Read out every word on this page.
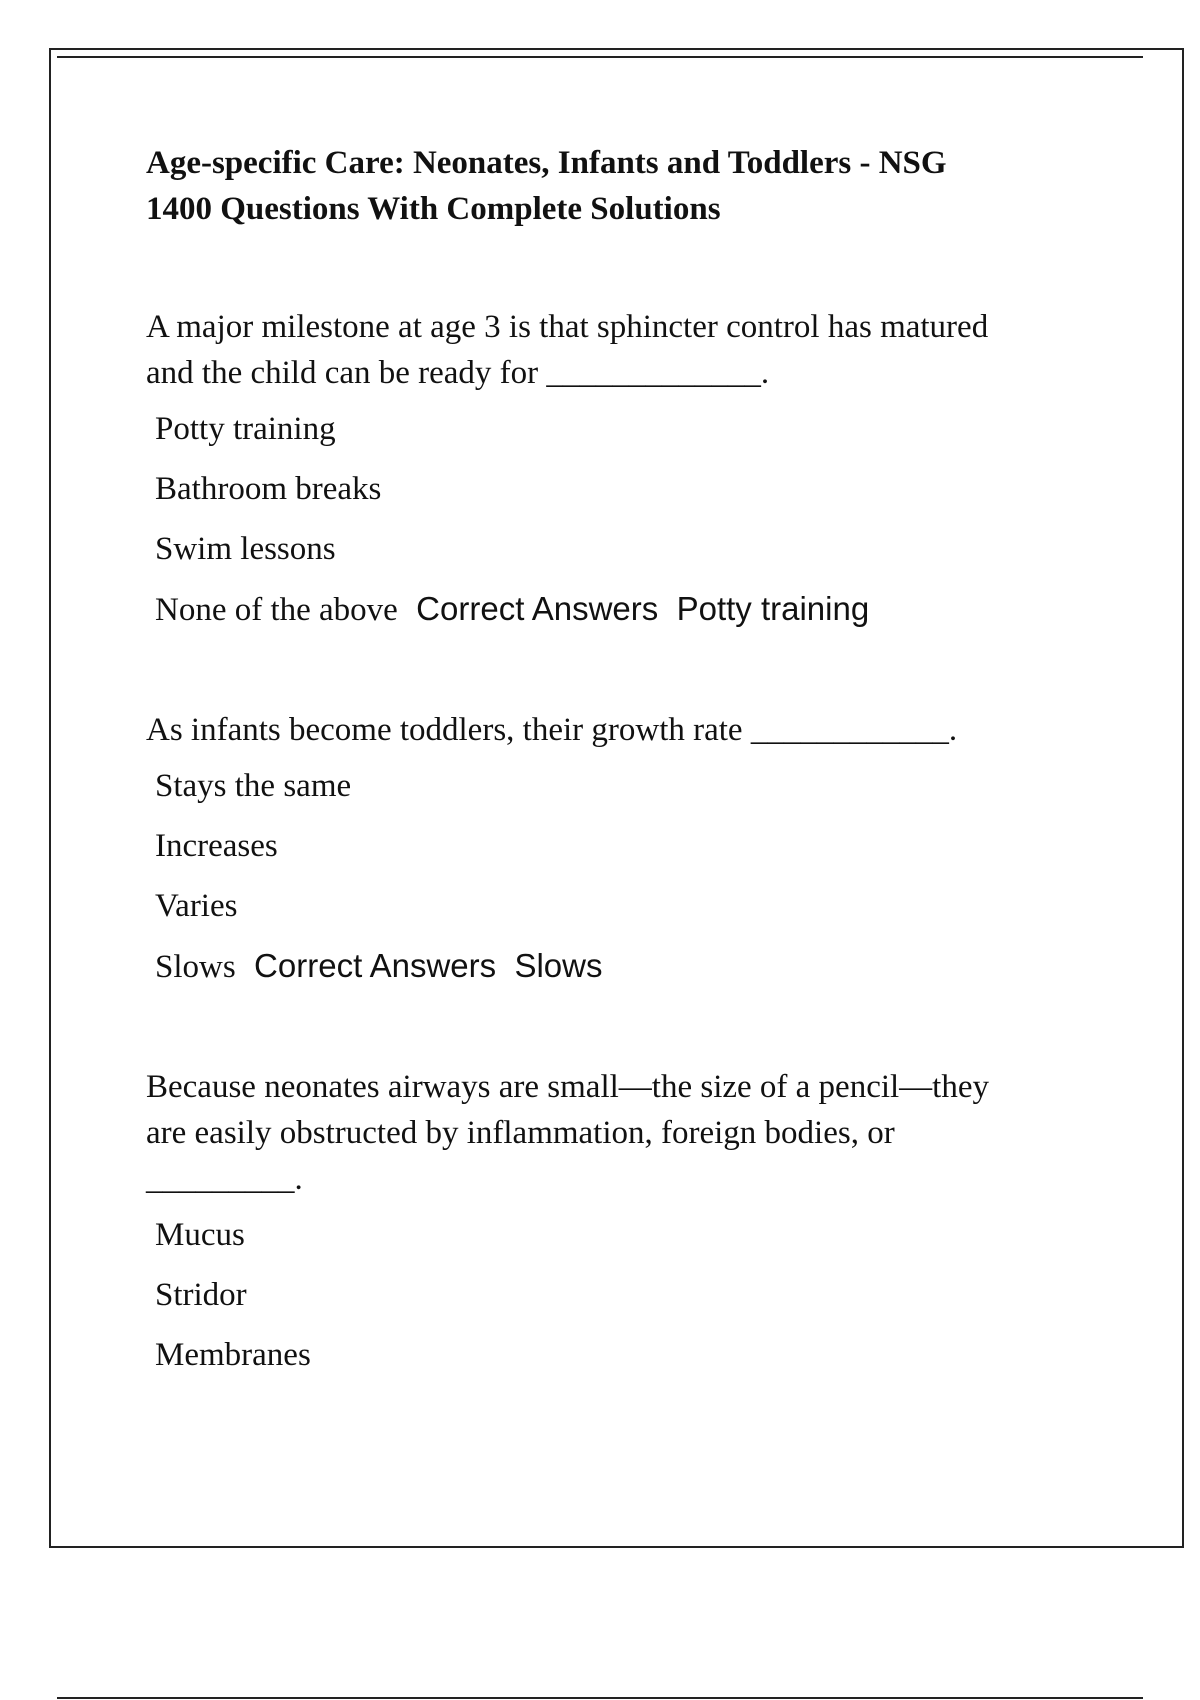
Age-specific Care: Neonates, Infants and Toddlers - NSG
1400 Questions With Complete Solutions

A major milestone at age 3 is that sphincter control has matured
and the child can be ready for _____________.

Potty training

Bathroom breaks

Swim lessons

None of the above Correct Answers Potty training

As infants become toddlers, their growth rate ____________.

Stays the same

Increases

Varies

Slows Correct Answers Slows

Because neonates airways are small—the size of a pencil—they
are easily obstructed by inflammation, foreign bodies, or
_________.

Mucus

Stridor

Membranes
